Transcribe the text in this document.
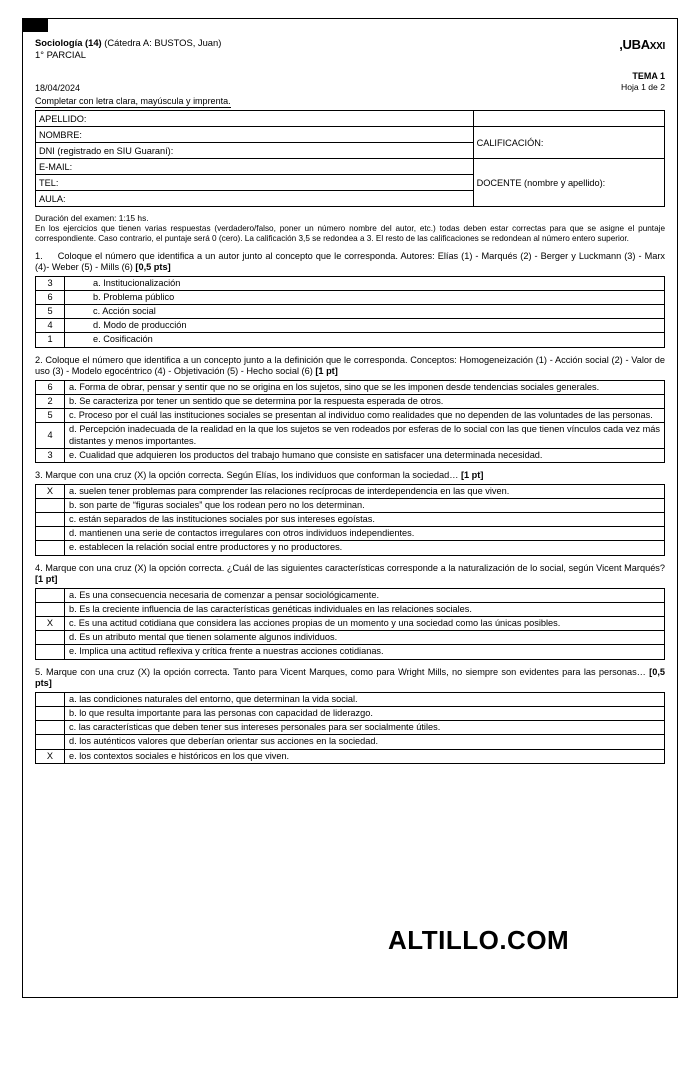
Sociología (14) (Cátedra A: BUSTOS, Juan)
1° PARCIAL
,UBAXXI
18/04/2024
TEMA 1
Hoja 1 de 2
Completar con letra clara, mayúscula y imprenta.
APELLIDO:	
NOMBRE:	CALIFICACIÓN:
DNI (registrado en SIU Guaraní):	
E-MAIL:	DOCENTE (nombre y apellido):
TEL:	
AULA:	
Duración del examen: 1:15 hs.
En los ejercicios que tienen varias respuestas (verdadero/falso, poner un número nombre del autor, etc.) todas deben estar correctas para que se asigne el puntaje correspondiente. Caso contrario, el puntaje será 0 (cero). La calificación 3,5 se redondea a 3. El resto de las calificaciones se redondean al número entero superior.
1. Coloque el número que identifica a un autor junto al concepto que le corresponda. Autores: Elías (1) - Marqués (2) - Berger y Luckmann (3) - Marx (4)- Weber (5) - Mills (6) [0,5 pts]
3	a. Institucionalización
6	b. Problema público
5	c. Acción social
4	d. Modo de producción
1	e. Cosificación
2. Coloque el número que identifica a un concepto junto a la definición que le corresponda. Conceptos: Homogeneización (1) - Acción social (2) - Valor de uso (3) - Modelo egocéntrico (4) - Objetivación (5) - Hecho social (6) [1 pt]
6	a. Forma de obrar, pensar y sentir que no se origina en los sujetos, sino que se les imponen desde tendencias sociales generales.
2	b. Se caracteriza por tener un sentido que se determina por la respuesta esperada de otros.
5	c. Proceso por el cuál las instituciones sociales se presentan al individuo como realidades que no dependen de las voluntades de las personas.
4	d. Percepción inadecuada de la realidad en la que los sujetos se ven rodeados por esferas de lo social con las que tienen vínculos cada vez más distantes y menos importantes.
3	e. Cualidad que adquieren los productos del trabajo humano que consiste en satisfacer una determinada necesidad.
3. Marque con una cruz (X) la opción correcta. Según Elías, los individuos que conforman la sociedad… [1 pt]
X	a. suelen tener problemas para comprender las relaciones recíprocas de interdependencia en las que viven.
	b. son parte de “figuras sociales” que los rodean pero no los determinan.
	c. están separados de las instituciones sociales por sus intereses egoístas.
	d. mantienen una serie de contactos irregulares con otros individuos independientes.
	e. establecen la relación social entre productores y no productores.
4. Marque con una cruz (X) la opción correcta. ¿Cuál de las siguientes características corresponde a la naturalización de lo social, según Vicent Marqués? [1 pt]
	a. Es una consecuencia necesaria de comenzar a pensar sociológicamente.
	b. Es la creciente influencia de las características genéticas individuales en las relaciones sociales.
X	c. Es una actitud cotidiana que considera las acciones propias de un momento y una sociedad como las únicas posibles.
	d. Es un atributo mental que tienen solamente algunos individuos.
	e. Implica una actitud reflexiva y crítica frente a nuestras acciones cotidianas.
5. Marque con una cruz (X) la opción correcta. Tanto para Vicent Marques, como para Wright Mills, no siempre son evidentes para las personas… [0,5 pts]
	a. las condiciones naturales del entorno, que determinan la vida social.
	b. lo que resulta importante para las personas con capacidad de liderazgo.
	c. las características que deben tener sus intereses personales para ser socialmente útiles.
	d. los auténticos valores que deberían orientar sus acciones en la sociedad.
X	e. los contextos sociales e históricos en los que viven.
ALTILLO.COM
